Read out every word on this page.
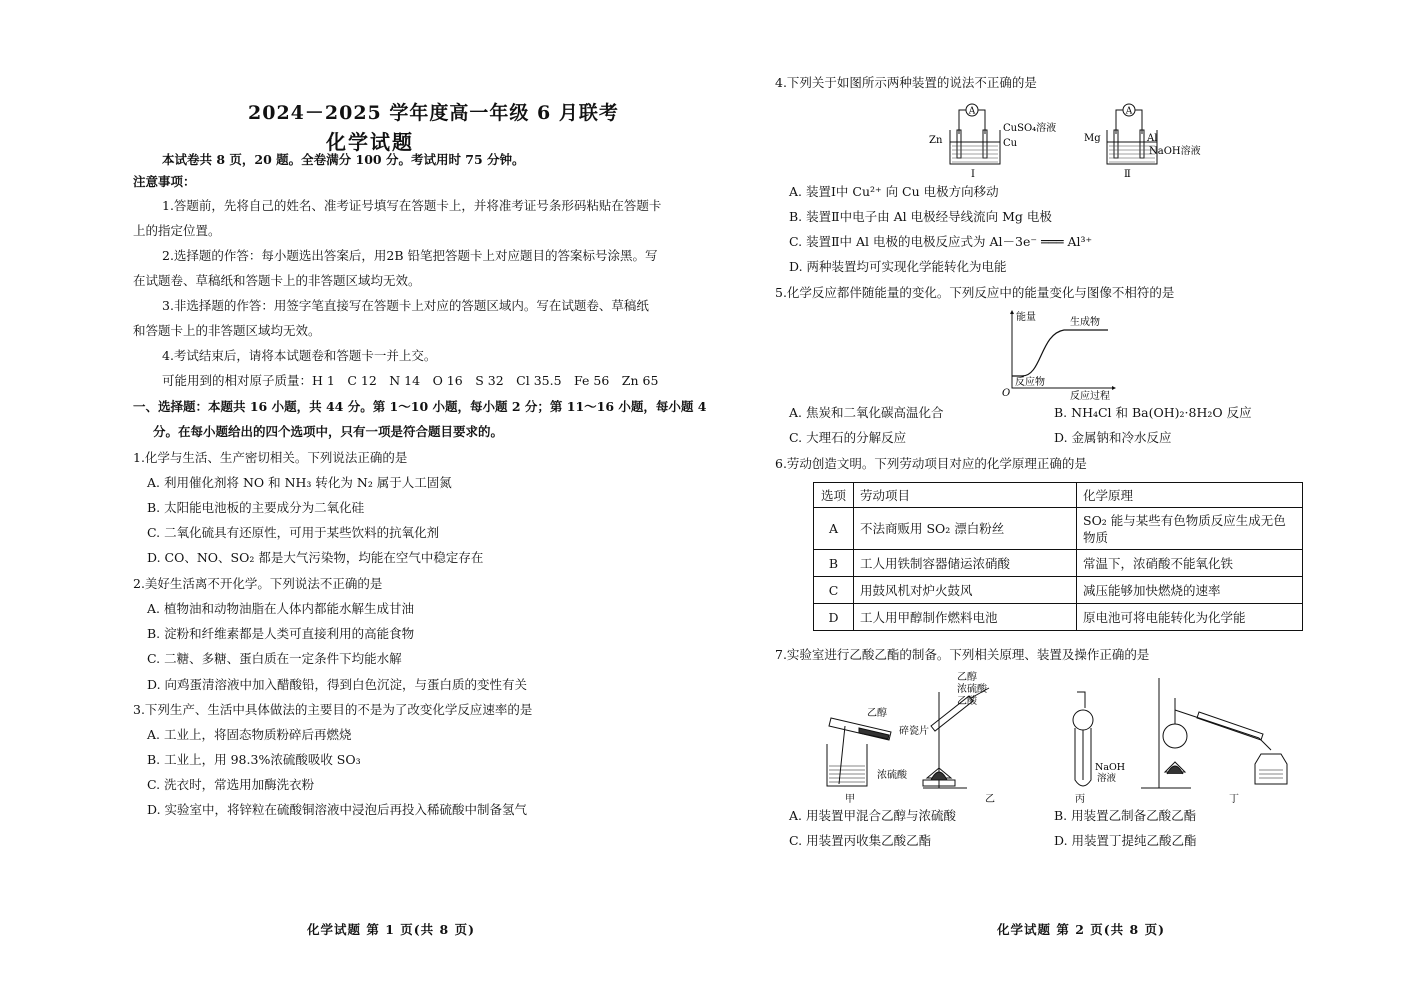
2024－2025 学年度高一年级 6 月联考
化学试题
本试卷共 8 页，20 题。全卷满分 100 分。考试用时 75 分钟。
注意事项：
1.答题前，先将自己的姓名、准考证号填写在答题卡上，并将准考证号条形码粘贴在答题卡
上的指定位置。
2.选择题的作答：每小题选出答案后，用2B 铅笔把答题卡上对应题目的答案标号涂黑。写
在试题卷、草稿纸和答题卡上的非答题区域均无效。
3.非选择题的作答：用签字笔直接写在答题卡上对应的答题区域内。写在试题卷、草稿纸
和答题卡上的非答题区域均无效。
4.考试结束后，请将本试题卷和答题卡一并上交。
可能用到的相对原子质量：H 1　C 12　N 14　O 16　S 32　Cl 35.5　Fe 56　Zn 65
一、选择题：本题共 16 小题，共 44 分。第 1～10 小题，每小题 2 分；第 11～16 小题，每小题 4
分。在每小题给出的四个选项中，只有一项是符合题目要求的。
1.化学与生活、生产密切相关。下列说法正确的是
A. 利用催化剂将 NO 和 NH₃ 转化为 N₂ 属于人工固氮
B. 太阳能电池板的主要成分为二氧化硅
C. 二氧化硫具有还原性，可用于某些饮料的抗氧化剂
D. CO、NO、SO₂ 都是大气污染物，均能在空气中稳定存在
2.美好生活离不开化学。下列说法不正确的是
A. 植物油和动物油脂在人体内都能水解生成甘油
B. 淀粉和纤维素都是人类可直接利用的高能食物
C. 二糖、多糖、蛋白质在一定条件下均能水解
D. 向鸡蛋清溶液中加入醋酸铅，得到白色沉淀，与蛋白质的变性有关
3.下列生产、生活中具体做法的主要目的不是为了改变化学反应速率的是
A. 工业上，将固态物质粉碎后再燃烧
B. 工业上，用 98.3%浓硫酸吸收 SO₃
C. 洗衣时，常选用加酶洗衣粉
D. 实验室中，将锌粒在硫酸铜溶液中浸泡后再投入稀硫酸中制备氢气
化学试题 第 1 页(共 8 页)
4.下列关于如图所示两种装置的说法不正确的是
A
Zn
CuSO₄溶液
Cu
Ⅰ
A
Mg	Al
NaOH溶液
Ⅱ
A. 装置Ⅰ中 Cu²⁺ 向 Cu 电极方向移动
B. 装置Ⅱ中电子由 Al 电极经导线流向 Mg 电极
C. 装置Ⅱ中 Al 电极的电极反应式为 Al－3e⁻ ═══ Al³⁺
D. 两种装置均可实现化学能转化为电能
5.化学反应都伴随能量的变化。下列反应中的能量变化与图像不相符的是
能量	生成物
反应物
O	反应过程
A. 焦炭和二氧化碳高温化合	B. NH₄Cl 和 Ba(OH)₂·8H₂O 反应
C. 大理石的分解反应	D. 金属钠和冷水反应
6.劳动创造文明。下列劳动项目对应的化学原理正确的是
选项	劳动项目	化学原理
A	不法商贩用 SO₂ 漂白粉丝	SO₂ 能与某些有色物质反应生成无色物质
B	工人用铁制容器储运浓硝酸	常温下，浓硝酸不能氧化铁
C	用鼓风机对炉火鼓风	减压能够加快燃烧的速率
D	工人用甲醇制作燃料电池	原电池可将电能转化为化学能
7.实验室进行乙酸乙酯的制备。下列相关原理、装置及操作正确的是
乙醇
浓硫酸
甲
乙醇
浓硫酸
乙酸
碎瓷片
乙
NaOH
溶液
丙	丁
A. 用装置甲混合乙醇与浓硫酸	B. 用装置乙制备乙酸乙酯
C. 用装置丙收集乙酸乙酯	D. 用装置丁提纯乙酸乙酯
化学试题 第 2 页(共 8 页)
